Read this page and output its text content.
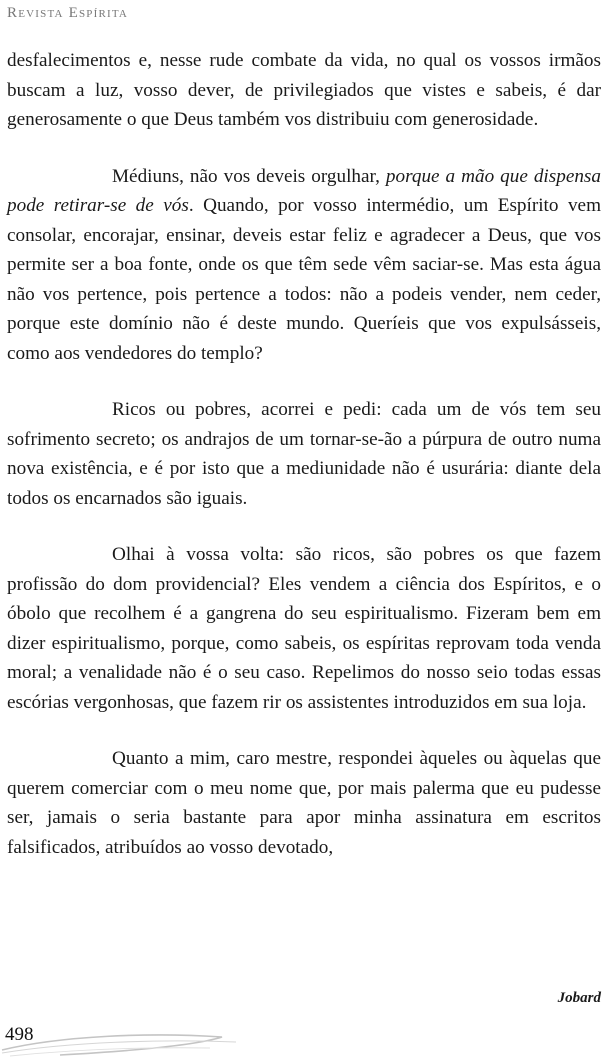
Revista Espírita

desfalecimentos e, nesse rude combate da vida, no qual os vossos irmãos buscam a luz, vosso dever, de privilegiados que vistes e sabeis, é dar generosamente o que Deus também vos distribuiu com generosidade.

Médiuns, não vos deveis orgulhar, porque a mão que dispensa pode retirar-se de vós. Quando, por vosso intermédio, um Espírito vem consolar, encorajar, ensinar, deveis estar feliz e agradecer a Deus, que vos permite ser a boa fonte, onde os que têm sede vêm saciar-se. Mas esta água não vos pertence, pois pertence a todos: não a podeis vender, nem ceder, porque este domínio não é deste mundo. Queríeis que vos expulsásseis, como aos vendedores do templo?

Ricos ou pobres, acorrei e pedi: cada um de vós tem seu sofrimento secreto; os andrajos de um tornar-se-ão a púrpura de outro numa nova existência, e é por isto que a mediunidade não é usurária: diante dela todos os encarnados são iguais.

Olhai à vossa volta: são ricos, são pobres os que fazem profissão do dom providencial? Eles vendem a ciência dos Espíritos, e o óbolo que recolhem é a gangrena do seu espiritualismo. Fizeram bem em dizer espiritualismo, porque, como sabeis, os espíritas reprovam toda venda moral; a venalidade não é o seu caso. Repelimos do nosso seio todas essas escórias vergonhosas, que fazem rir os assistentes introduzidos em sua loja.

Quanto a mim, caro mestre, respondei àqueles ou àquelas que querem comerciar com o meu nome que, por mais palerma que eu pudesse ser, jamais o seria bastante para apor minha assinatura em escritos falsificados, atribuídos ao vosso devotado,

Jobard
498
